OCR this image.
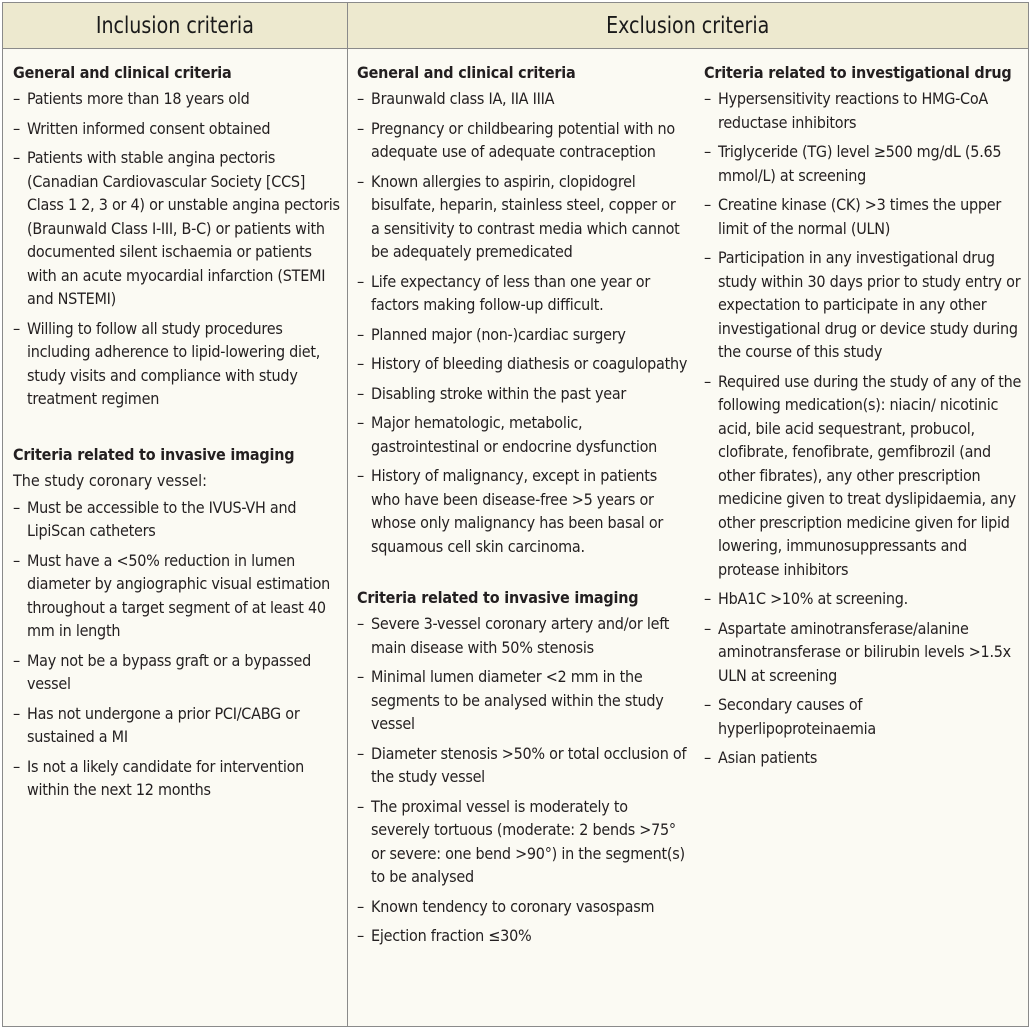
Inclusion criteria	Exclusion criteria
General and clinical criteria
– Patients more than 18 years old
– Written informed consent obtained
– Patients with stable angina pectoris (Canadian Cardiovascular Society [CCS] Class 1 2, 3 or 4) or unstable angina pectoris (Braunwald Class I-III, B-C) or patients with documented silent ischaemia or patients with an acute myocardial infarction (STEMI and NSTEMI)
– Willing to follow all study procedures including adherence to lipid-lowering diet, study visits and compliance with study treatment regimen
Criteria related to invasive imaging
The study coronary vessel:
– Must be accessible to the IVUS-VH and LipiScan catheters
– Must have a <50% reduction in lumen diameter by angiographic visual estimation throughout a target segment of at least 40 mm in length
– May not be a bypass graft or a bypassed vessel
– Has not undergone a prior PCI/CABG or sustained a MI
– Is not a likely candidate for intervention within the next 12 months
General and clinical criteria
– Braunwald class IA, IIA IIIA
– Pregnancy or childbearing potential with no adequate use of adequate contraception
– Known allergies to aspirin, clopidogrel bisulfate, heparin, stainless steel, copper or a sensitivity to contrast media which cannot be adequately premedicated
– Life expectancy of less than one year or factors making follow-up difficult.
– Planned major (non-)cardiac surgery
– History of bleeding diathesis or coagulopathy
– Disabling stroke within the past year
– Major hematologic, metabolic, gastrointestinal or endocrine dysfunction
– History of malignancy, except in patients who have been disease-free >5 years or whose only malignancy has been basal or squamous cell skin carcinoma.
Criteria related to invasive imaging
– Severe 3-vessel coronary artery and/or left main disease with 50% stenosis
– Minimal lumen diameter <2 mm in the segments to be analysed within the study vessel
– Diameter stenosis >50% or total occlusion of the study vessel
– The proximal vessel is moderately to severely tortuous (moderate: 2 bends >75° or severe: one bend >90°) in the segment(s) to be analysed
– Known tendency to coronary vasospasm
– Ejection fraction ≤30%
Criteria related to investigational drug
– Hypersensitivity reactions to HMG-CoA reductase inhibitors
– Triglyceride (TG) level ≥500 mg/dL (5.65 mmol/L) at screening
– Creatine kinase (CK) >3 times the upper limit of the normal (ULN)
– Participation in any investigational drug study within 30 days prior to study entry or expectation to participate in any other investigational drug or device study during the course of this study
– Required use during the study of any of the following medication(s): niacin/ nicotinic acid, bile acid sequestrant, probucol, clofibrate, fenofibrate, gemfibrozil (and other fibrates), any other prescription medicine given to treat dyslipidaemia, any other prescription medicine given for lipid lowering, immunosuppressants and protease inhibitors
– HbA1C >10% at screening.
– Aspartate aminotransferase/alanine aminotransferase or bilirubin levels >1.5x ULN at screening
– Secondary causes of hyperlipoproteinaemia
– Asian patients
